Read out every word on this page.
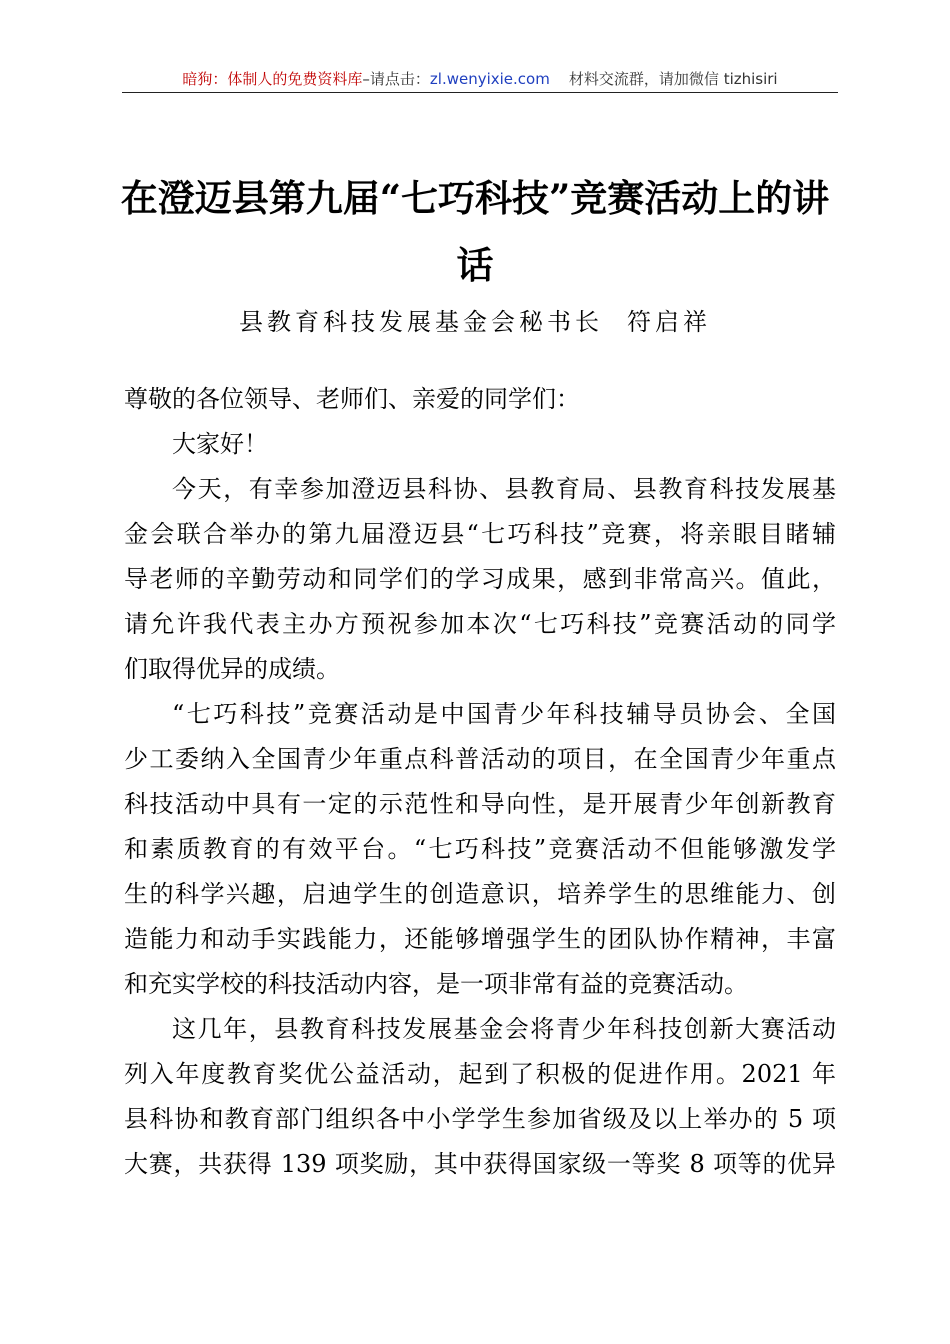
暗狗：体制人的免费资料库–请点击：zl.wenyixie.com 材料交流群，请加微信 tizhisiri
在澄迈县第九届“七巧科技”竞赛活动上的讲
话
县教育科技发展基金会秘书长 符启祥
尊敬的各位领导、老师们、亲爱的同学们：
大家好！
今天，有幸参加澄迈县科协、县教育局、县教育科技发展基
金会联合举办的第九届澄迈县“七巧科技”竞赛，将亲眼目睹辅
导老师的辛勤劳动和同学们的学习成果，感到非常高兴。值此，
请允许我代表主办方预祝参加本次“七巧科技”竞赛活动的同学
们取得优异的成绩。
“七巧科技”竞赛活动是中国青少年科技辅导员协会、全国
少工委纳入全国青少年重点科普活动的项目，在全国青少年重点
科技活动中具有一定的示范性和导向性，是开展青少年创新教育
和素质教育的有效平台。“七巧科技”竞赛活动不但能够激发学
生的科学兴趣，启迪学生的创造意识，培养学生的思维能力、创
造能力和动手实践能力，还能够增强学生的团队协作精神，丰富
和充实学校的科技活动内容，是一项非常有益的竞赛活动。
这几年，县教育科技发展基金会将青少年科技创新大赛活动
列入年度教育奖优公益活动，起到了积极的促进作用。2021 年
县科协和教育部门组织各中小学学生参加省级及以上举办的 5 项
大赛，共获得 139 项奖励，其中获得国家级一等奖 8 项等的优异
